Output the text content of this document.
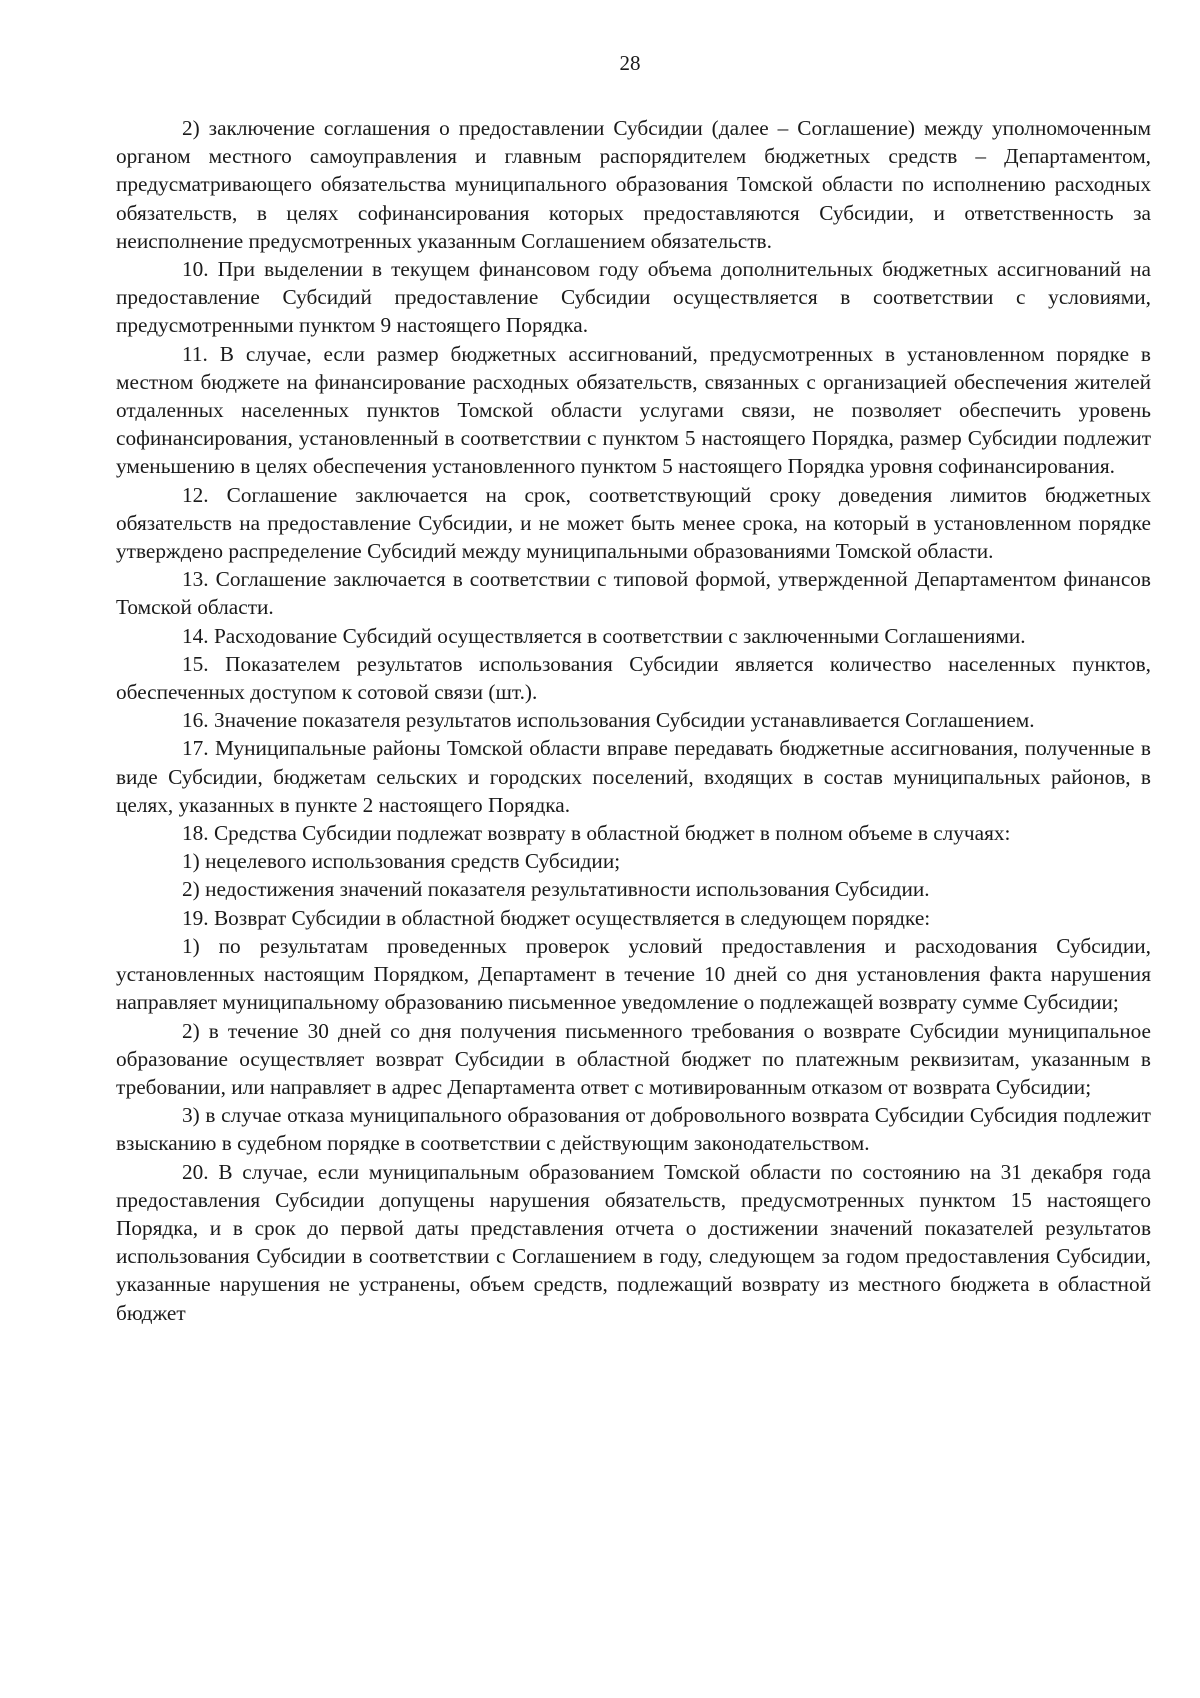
28

2) заключение соглашения о предоставлении Субсидии (далее – Соглашение) между уполномоченным органом местного самоуправления и главным распорядителем бюджетных средств – Департаментом, предусматривающего обязательства муниципального образования Томской области по исполнению расходных обязательств, в целях софинансирования которых предоставляются Субсидии, и ответственность за неисполнение предусмотренных указанным Соглашением обязательств.

10. При выделении в текущем финансовом году объема дополнительных бюджетных ассигнований на предоставление Субсидий предоставление Субсидии осуществляется в соответствии с условиями, предусмотренными пунктом 9 настоящего Порядка.

11. В случае, если размер бюджетных ассигнований, предусмотренных в установленном порядке в местном бюджете на финансирование расходных обязательств, связанных с организацией обеспечения жителей отдаленных населенных пунктов Томской области услугами связи, не позволяет обеспечить уровень софинансирования, установленный в соответствии с пунктом 5 настоящего Порядка, размер Субсидии подлежит уменьшению в целях обеспечения установленного пунктом 5 настоящего Порядка уровня софинансирования.

12. Соглашение заключается на срок, соответствующий сроку доведения лимитов бюджетных обязательств на предоставление Субсидии, и не может быть менее срока, на который в установленном порядке утверждено распределение Субсидий между муниципальными образованиями Томской области.

13. Соглашение заключается в соответствии с типовой формой, утвержденной Департаментом финансов Томской области.

14. Расходование Субсидий осуществляется в соответствии с заключенными Соглашениями.

15. Показателем результатов использования Субсидии является количество населенных пунктов, обеспеченных доступом к сотовой связи (шт.).

16. Значение показателя результатов использования Субсидии устанавливается Соглашением.

17. Муниципальные районы Томской области вправе передавать бюджетные ассигнования, полученные в виде Субсидии, бюджетам сельских и городских поселений, входящих в состав муниципальных районов, в целях, указанных в пункте 2 настоящего Порядка.

18. Средства Субсидии подлежат возврату в областной бюджет в полном объеме в случаях:

1) нецелевого использования средств Субсидии;

2) недостижения значений показателя результативности использования Субсидии.

19. Возврат Субсидии в областной бюджет осуществляется в следующем порядке:

1) по результатам проведенных проверок условий предоставления и расходования Субсидии, установленных настоящим Порядком, Департамент в течение 10 дней со дня установления факта нарушения направляет муниципальному образованию письменное уведомление о подлежащей возврату сумме Субсидии;

2) в течение 30 дней со дня получения письменного требования о возврате Субсидии муниципальное образование осуществляет возврат Субсидии в областной бюджет по платежным реквизитам, указанным в требовании, или направляет в адрес Департамента ответ с мотивированным отказом от возврата Субсидии;

3) в случае отказа муниципального образования от добровольного возврата Субсидии Субсидия подлежит взысканию в судебном порядке в соответствии с действующим законодательством.

20. В случае, если муниципальным образованием Томской области по состоянию на 31 декабря года предоставления Субсидии допущены нарушения обязательств, предусмотренных пунктом 15 настоящего Порядка, и в срок до первой даты представления отчета о достижении значений показателей результатов использования Субсидии в соответствии с Соглашением в году, следующем за годом предоставления Субсидии, указанные нарушения не устранены, объем средств, подлежащий возврату из местного бюджета в областной бюджет
